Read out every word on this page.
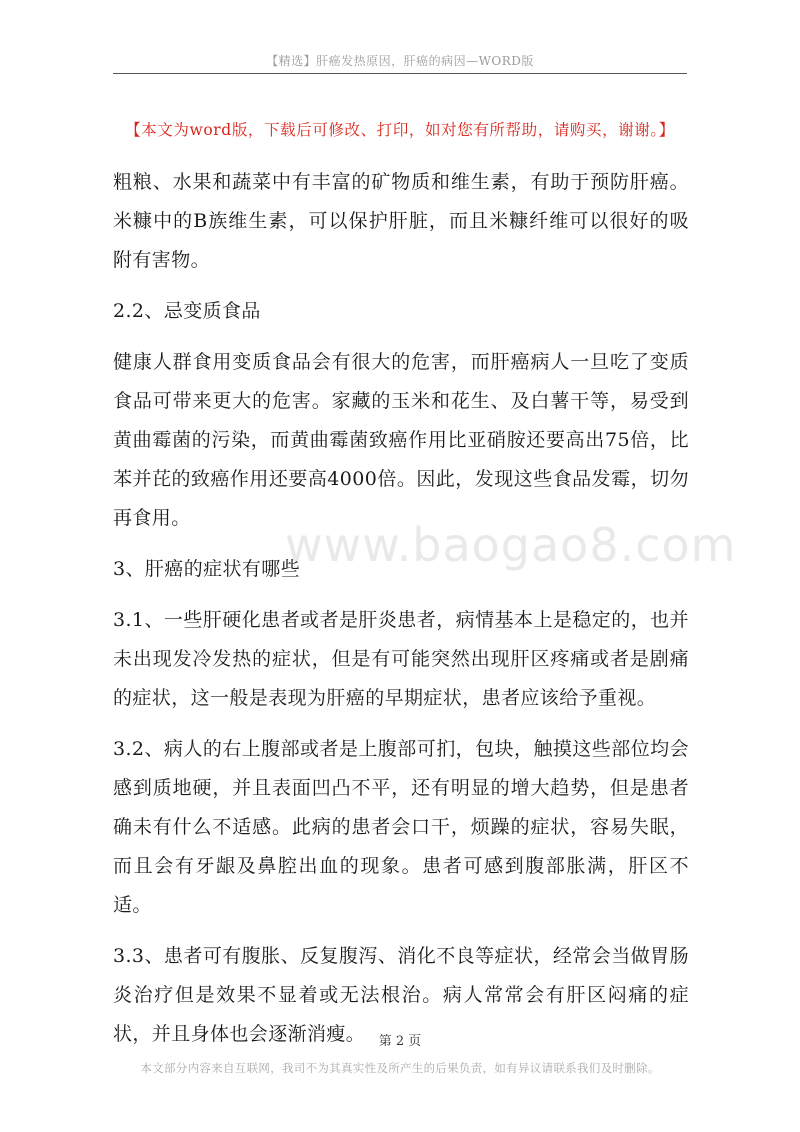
【精选】肝癌发热原因，肝癌的病因—WORD版
【本文为word版，下载后可修改、打印，如对您有所帮助，请购买，谢谢。】

粗粮、水果和蔬菜中有丰富的矿物质和维生素，有助于预防肝癌。米糠中的B族维生素，可以保护肝脏，而且米糠纤维可以很好的吸附有害物。

2.2、忌变质食品

健康人群食用变质食品会有很大的危害，而肝癌病人一旦吃了变质食品可带来更大的危害。家藏的玉米和花生、及白薯干等，易受到黄曲霉菌的污染，而黄曲霉菌致癌作用比亚硝胺还要高出75倍，比苯并芘的致癌作用还要高4000倍。因此，发现这些食品发霉，切勿再食用。

3、肝癌的症状有哪些

3.1、一些肝硬化患者或者是肝炎患者，病情基本上是稳定的，也并未出现发冷发热的症状，但是有可能突然出现肝区疼痛或者是剧痛的症状，这一般是表现为肝癌的早期症状，患者应该给予重视。

3.2、病人的右上腹部或者是上腹部可扪，包块，触摸这些部位均会感到质地硬，并且表面凹凸不平，还有明显的增大趋势，但是患者确未有什么不适感。此病的患者会口干，烦躁的症状，容易失眠，而且会有牙龈及鼻腔出血的现象。患者可感到腹部胀满，肝区不适。

3.3、患者可有腹胀、反复腹泻、消化不良等症状，经常会当做胃肠炎治疗但是效果不显着或无法根治。病人常常会有肝区闷痛的症状，并且身体也会逐渐消瘦。

www.baogao8.com
第 2 页
本文部分内容来自互联网，我司不为其真实性及所产生的后果负责，如有异议请联系我们及时删除。
